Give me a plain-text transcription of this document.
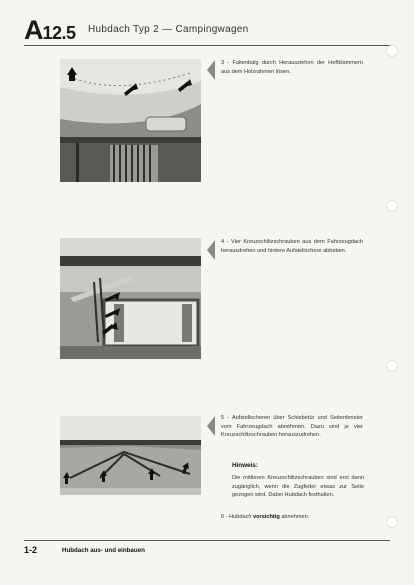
A12.5 Hubdach Typ 2 — Campingwagen
3 - Faltenbalg durch Herausziehen der Heftklammern aus dem Holzrahmen lösen.
4 - Vier Kreuzschlitzschrauben aus dem Fahrzeugdach herausdrehen und hintere Aufstellschere abheben.
5 - Aufstellscheren über Schiebetür und Seitenfenster vom Fahrzeugdach abnehmen. Dazu sind je vier Kreuzschlitzschrauben herauszudrehen.
Hinweis:
Die mittleren Kreuzschlitzschrauben sind erst dann zugänglich, wenn die Zugfeder etwas zur Seite gezogen wird. Dabei Hubdach festhalten.
6 - Hubdach vorsichtig abnehmen.
1-2	Hubdach aus- und einbauen
